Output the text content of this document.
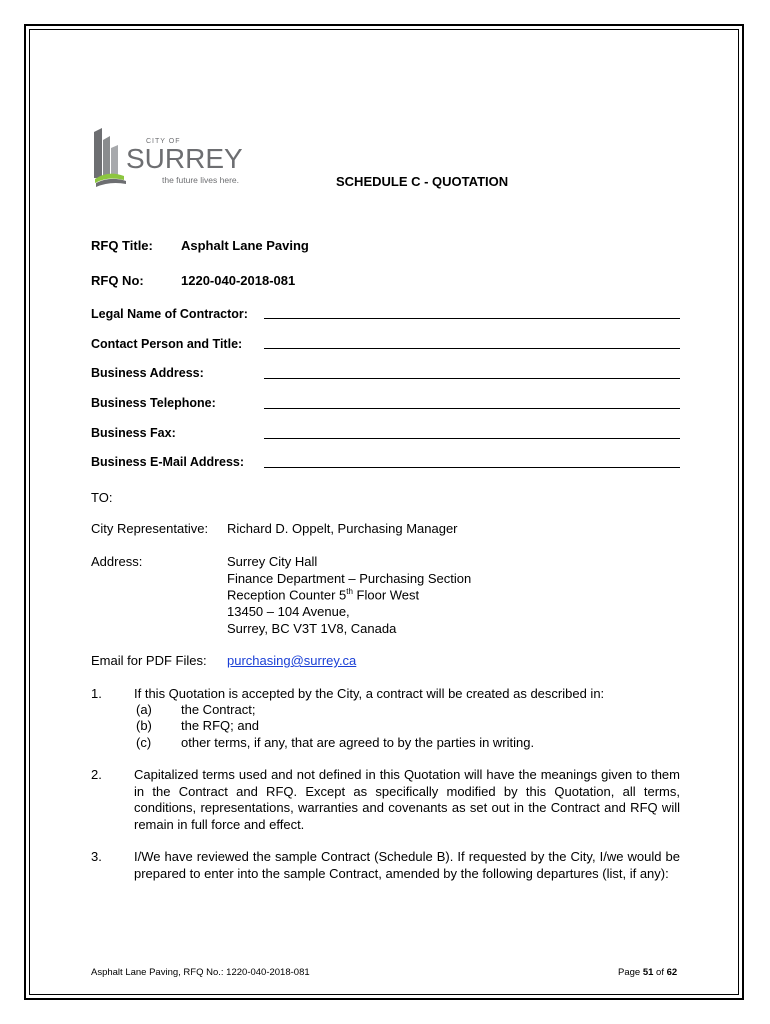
CITY OF
SURREY
the future lives here.	SCHEDULE C - QUOTATION
RFQ Title: Asphalt Lane Paving
RFQ No:	1220-040-2018-081
Legal Name of Contractor:
Contact Person and Title:
Business Address:
Business Telephone:
Business Fax:
Business E-Mail Address:
TO:
City Representative: Richard D. Oppelt, Purchasing Manager
Address:	Surrey City Hall
Finance Department – Purchasing Section
Reception Counter 5th Floor West
13450 – 104 Avenue,
Surrey, BC V3T 1V8, Canada
Email for PDF Files: purchasing@surrey.ca
1. If this Quotation is accepted by the City, a contract will be created as described in:
(a) the Contract;
(b) the RFQ; and
(c) other terms, if any, that are agreed to by the parties in writing.
2. Capitalized terms used and not defined in this Quotation will have the meanings given to them in the Contract and RFQ. Except as specifically modified by this Quotation, all terms, conditions, representations, warranties and covenants as set out in the Contract and RFQ will remain in full force and effect.
3. I/We have reviewed the sample Contract (Schedule B). If requested by the City, I/we would be prepared to enter into the sample Contract, amended by the following departures (list, if any):
Asphalt Lane Paving, RFQ No.: 1220-040-2018-081	Page 51 of 62
